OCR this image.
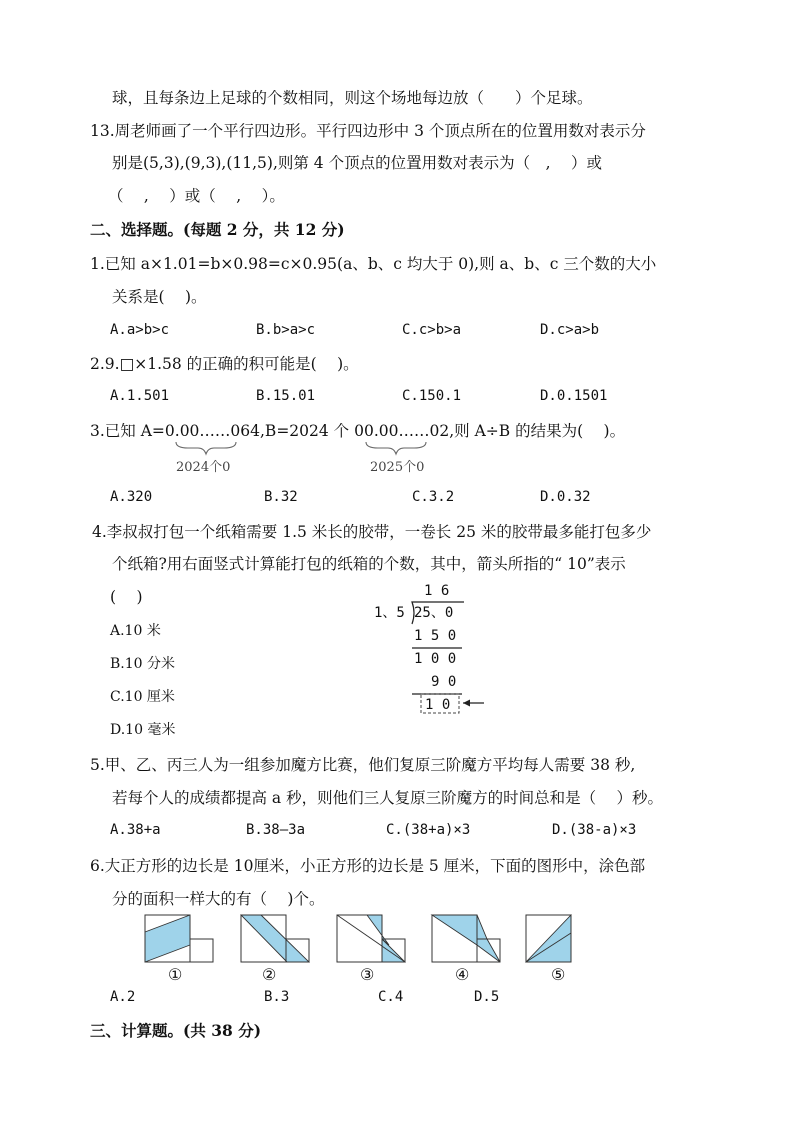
球，且每条边上足球的个数相同，则这个场地每边放（　　）个足球。
13.周老师画了一个平行四边形。平行四边形中 3 个顶点所在的位置用数对表示分
别是(5,3),(9,3),(11,5),则第 4 个顶点的位置用数对表示为（　,　 ）或
（　 ,　 ）或（　 ,　 ）。
二、选择题。(每题 2 分，共 12 分)
1.已知 a×1.01=b×0.98=c×0.95(a、b、c 均大于 0),则 a、b、c 三个数的大小
关系是(　 )。
A.a>b>c	B.b>a>c	C.c>b>a	D.c>a>b
2.9.□×1.58 的正确的积可能是(　 )。
A.1.501	B.15.01	C.150.1	D.0.1501
3.已知 A=0.00……064,B=2024 个 00.00……02,则 A÷B 的结果为(　 )。
2024个0	2025个0
A.320	B.32	C.3.2	D.0.32
4.李叔叔打包一个纸箱需要 1.5 米长的胶带，一卷长 25 米的胶带最多能打包多少
个纸箱?用右面竖式计算能打包的纸箱的个数，其中，箭头所指的“ 10”表示
(　 )
A.10 米
B.10 分米
C.10 厘米
D.10 毫米
1 6
1、5 25、0
1 5 0
1 0 0
9 0
1 0
5.甲、乙、丙三人为一组参加魔方比赛，他们复原三阶魔方平均每人需要 38 秒,
若每个人的成绩都提高 a 秒，则他们三人复原三阶魔方的时间总和是（　 ）秒。
A.38+a	B.38—3a	C.(38+a)×3	D.(38-a)×3
6.大正方形的边长是 10厘米，小正方形的边长是 5 厘米，下面的图形中，涂色部
分的面积一样大的有（　 )个。
①	②	③	④	⑤
A.2	B.3	C.4	D.5
三、计算题。(共 38 分)
